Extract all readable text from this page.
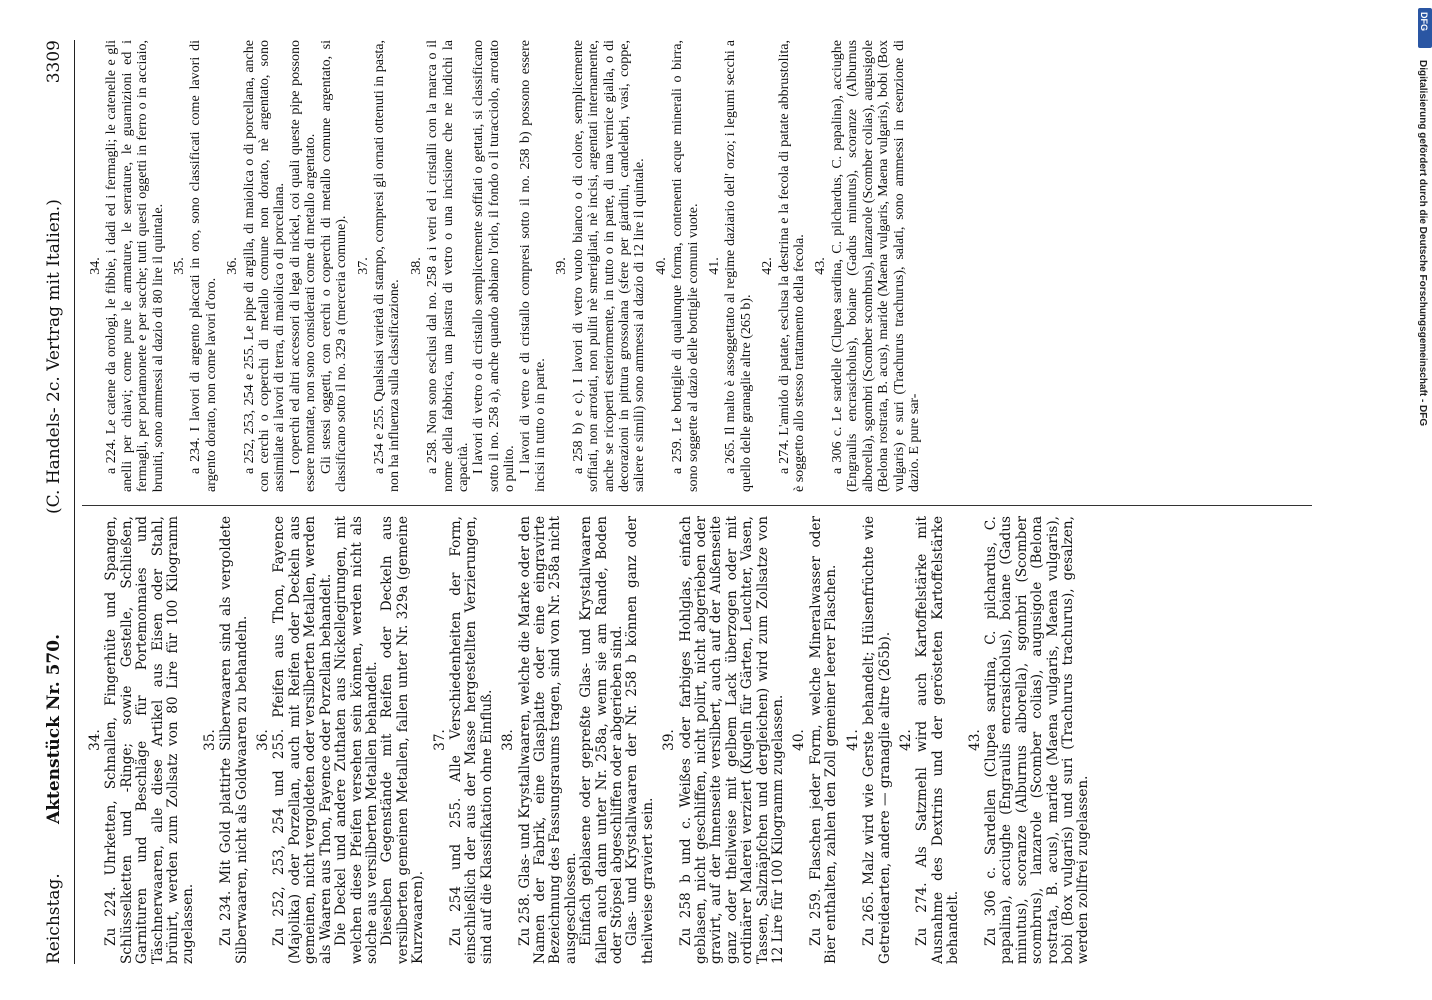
Reichstag.
Aktenstück Nr. 570.
(C. Handels- 2c. Vertrag mit Italien.)
3309
34. Zu 224. Uhrketten, Schnallen, Fingerhüte und Spangen, Schlüsselketten und -Ringe; sowie Gestelle, Schließen, Garnituren und Beschläge für Portemonnaies und Täschnerwaaren, alle diese Artikel aus Eisen oder Stahl, brünirt, werden zum Zollsatz von 80 Lire für 100 Kilogramm zugelassen.

35. Zu 234. Mit Gold plattirte Silberwaaren sind als vergoldete Silberwaaren, nicht als Goldwaaren zu behandeln. 36. Zu 252, 253, 254 und 255. Pfeifen aus Thon, Fayence (Majolika) oder Porzellan, auch mit Reifen oder Deckeln aus gemeinen, nicht vergoldeten oder versilberten Metallen, werden als Waaren aus Thon, Fayence oder Porzellan behandelt. Die Deckel und andere Zuthaten aus Nickellegirungen, mit welchen diese Pfeifen versehen sein können, werden nicht als solche aus versilberten Metallen behandelt. Dieselben Gegenstände mit Reifen oder Deckeln aus versilberten gemeinen Metallen, fallen unter Nr. 329a (gemeine Kurzwaaren).

37. Zu 254 und 255. Alle Verschiedenheiten der Form, einschließlich der aus der Masse hergestellten Verzierungen, sind auf die Klassifikation ohne Einfluß. 38. Zu 258. Glas- und Krystallwaaren, welche die Marke oder den Namen der Fabrik, eine Glasplatte oder eine eingravirte Bezeichnung des Fassungsraums tragen, sind von Nr. 258a nicht ausgeschlossen. Einfach geblasene oder gepreßte Glas- und Krystallwaaren fallen auch dann unter Nr. 258a, wenn sie am Rande, Boden oder Stöpsel abgeschliffen oder abgerieben sind. Glas- und Krystallwaaren der Nr. 258 b können ganz oder theilweise graviert sein.

39. Zu 258 b und c. Weißes oder farbiges Hohlglas, einfach geblasen, nicht geschliffen, nicht polirt, nicht abgerieben oder gravirt, auf der Innenseite versilbert, auch auf der Außenseite ganz oder theilweise mit gelbem Lack überzogen oder mit ordinärer Malerei verziert (Kugeln für Gärten, Leuchter, Vasen, Tassen, Salznäpfchen und dergleichen) wird zum Zollsatze von 12 Lire für 100 Kilogramm zugelassen. 40. Zu 259. Flaschen jeder Form, welche Mineralwasser oder Bier enthalten, zahlen den Zoll gemeiner leerer Flaschen. 41. Zu 265. Malz wird wie Gerste behandelt; Hülsenfrüchte wie Getreidearten, andere — granaglie altre (265b). 42. Zu 274. Als Satzmehl wird auch Kartoffelstärke mit Ausnahme des Dextrins und der gerösteten Kartoffelstärke behandelt.

43. Zu 306 c. Sardellen (Clupea sardina, C. pilchardus, C. papalina), acciughe (Engraulis encrasicholus), boiane (Gadus minutus), scoranze (Alburnus alborella), sgombri (Scomber scombrus), lanzarole (Scomber colias), augusigole (Belona rostrata, B. acus), maride (Maena vulgaris, Maena vulgaris), bobi (Box vulgaris) und suri (Trachurus trachurus), gesalzen, werden zollfrei zugelassen.

34. a 224. Le catene da orologi, le fibbie, i dadi ed i fermagli; le catenelle e gli anelli per chiavi; come pure le armature, le serrature, le guarnizioni ed i fermagli, per portamonete e per sacche; tutti questi oggetti in ferro o in acciaio, bruniti, sono ammessi al dazio di 80 lire il quintale. 35. a 234. I lavori di argento placcati in oro, sono classificati come lavori di argento dorato, non come lavori d'oro.

36. a 252, 253, 254 e 255. Le pipe di argilla, di maiolica o di porcellana, anche con cerchi o coperchi di metallo comune non dorato, nè argentato, sono assimilate ai lavori di terra, di maiolica o di porcellana. I coperchi ed altri accessori di lega di nickel, coi quali queste pipe possono essere montate, non sono considerati come di metallo argentato. Gli stessi oggetti, con cerchi o coperchi di metallo comune argentato, si classificano sotto il no. 329 a (merceria comune). 37. a 254 e 255. Qualsiasi varietà di stampo, compresi gli ornati ottenuti in pasta, non ha influenza sulla classificazione.

38. a 258. Non sono esclusi dal no. 258 a i vetri ed i cristalli con la marca o il nome della fabbrica, una piastra di vetro o una incisione che ne indichi la capacità. I lavori di vetro o di cristallo semplicemente soffiati o gettati, si classificano sotto il no. 258 a), anche quando abbiano l'orlo, il fondo o il turacciolo, arrotato o pulito. I lavori di vetro e di cristallo compresi sotto il no. 258 b) possono essere incisi in tutto o in parte.

39. a 258 b) e c). I lavori di vetro vuoto bianco o di colore, semplicemente soffiati, non arrotati, non puliti nè smerigliati, nè incisi, argentati internamente, anche se ricoperti esteriormente, in tutto o in parte, di una vernice gialla, o di decorazioni in pittura grossolana (sfere per giardini, candelabri, vasi, coppe, saliere e simili) sono ammessi al dazio di 12 lire il quintale. 40. a 259. Le bottiglie di qualunque forma, contenenti acque minerali o birra, sono soggette al dazio delle bottiglie comuni vuote. 41. a 265. Il malto è assoggettato al regime daziario dell' orzo; i legumi secchi a quello delle granaglie altre (265 b).

42. a 274. L'amido di patate, esclusa la destrina e la fecola di patate abbrustolita, è soggetto allo stesso trattamento della fecola. 43. a 306 c. Le sardelle (Clupea sardina, C. pilchardus, C. papalina), acciughe (Engraulis encrasicholus), boiane (Gadus minutus), scoranze (Alburnus alborella), sgombri (Scomber scombrus), lanzarole (Scomber colias), augusigole (Belona rostrata, B. acus), maride (Maena vulgaris, Maena vulgaris), bobi (Box vulgaris) e suri (Trachurus trachurus), salati, sono ammessi in esenzione di dazio. E pure sar-

Digitalisierung gefördert durch die Deutsche Forschungsgemeinschaft - DFG
DFG
